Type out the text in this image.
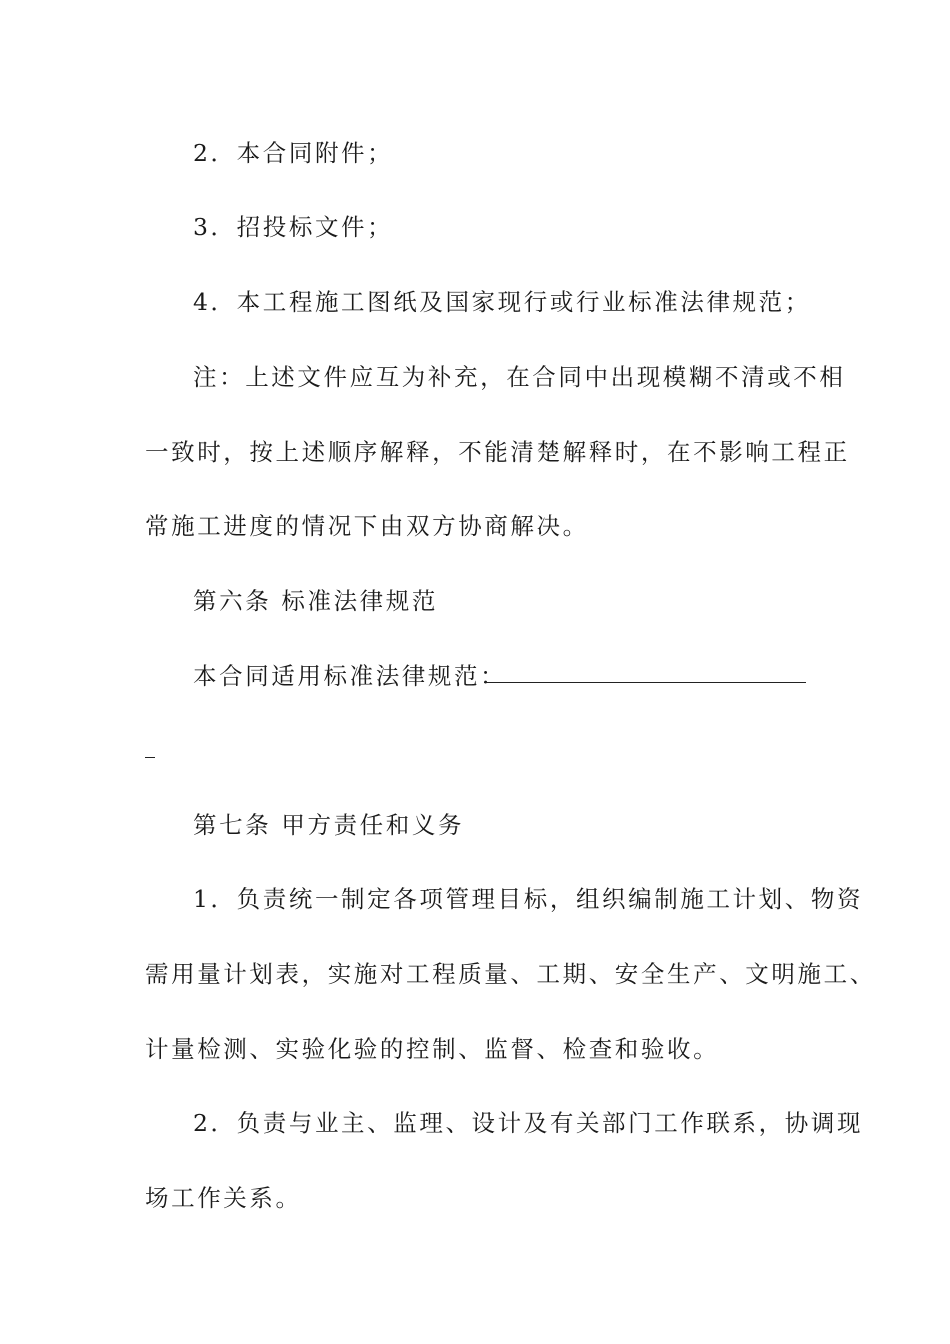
2．本合同附件；
3．招投标文件；
4．本工程施工图纸及国家现行或行业标准法律规范；
注：上述文件应互为补充，在合同中出现模糊不清或不相
一致时，按上述顺序解释，不能清楚解释时，在不影响工程正
常施工进度的情况下由双方协商解决。
第六条 标准法律规范
本合同适用标准法律规范：
第七条 甲方责任和义务
1．负责统一制定各项管理目标，组织编制施工计划、物资
需用量计划表，实施对工程质量、工期、安全生产、文明施工、
计量检测、实验化验的控制、监督、检查和验收。
2．负责与业主、监理、设计及有关部门工作联系，协调现
场工作关系。
